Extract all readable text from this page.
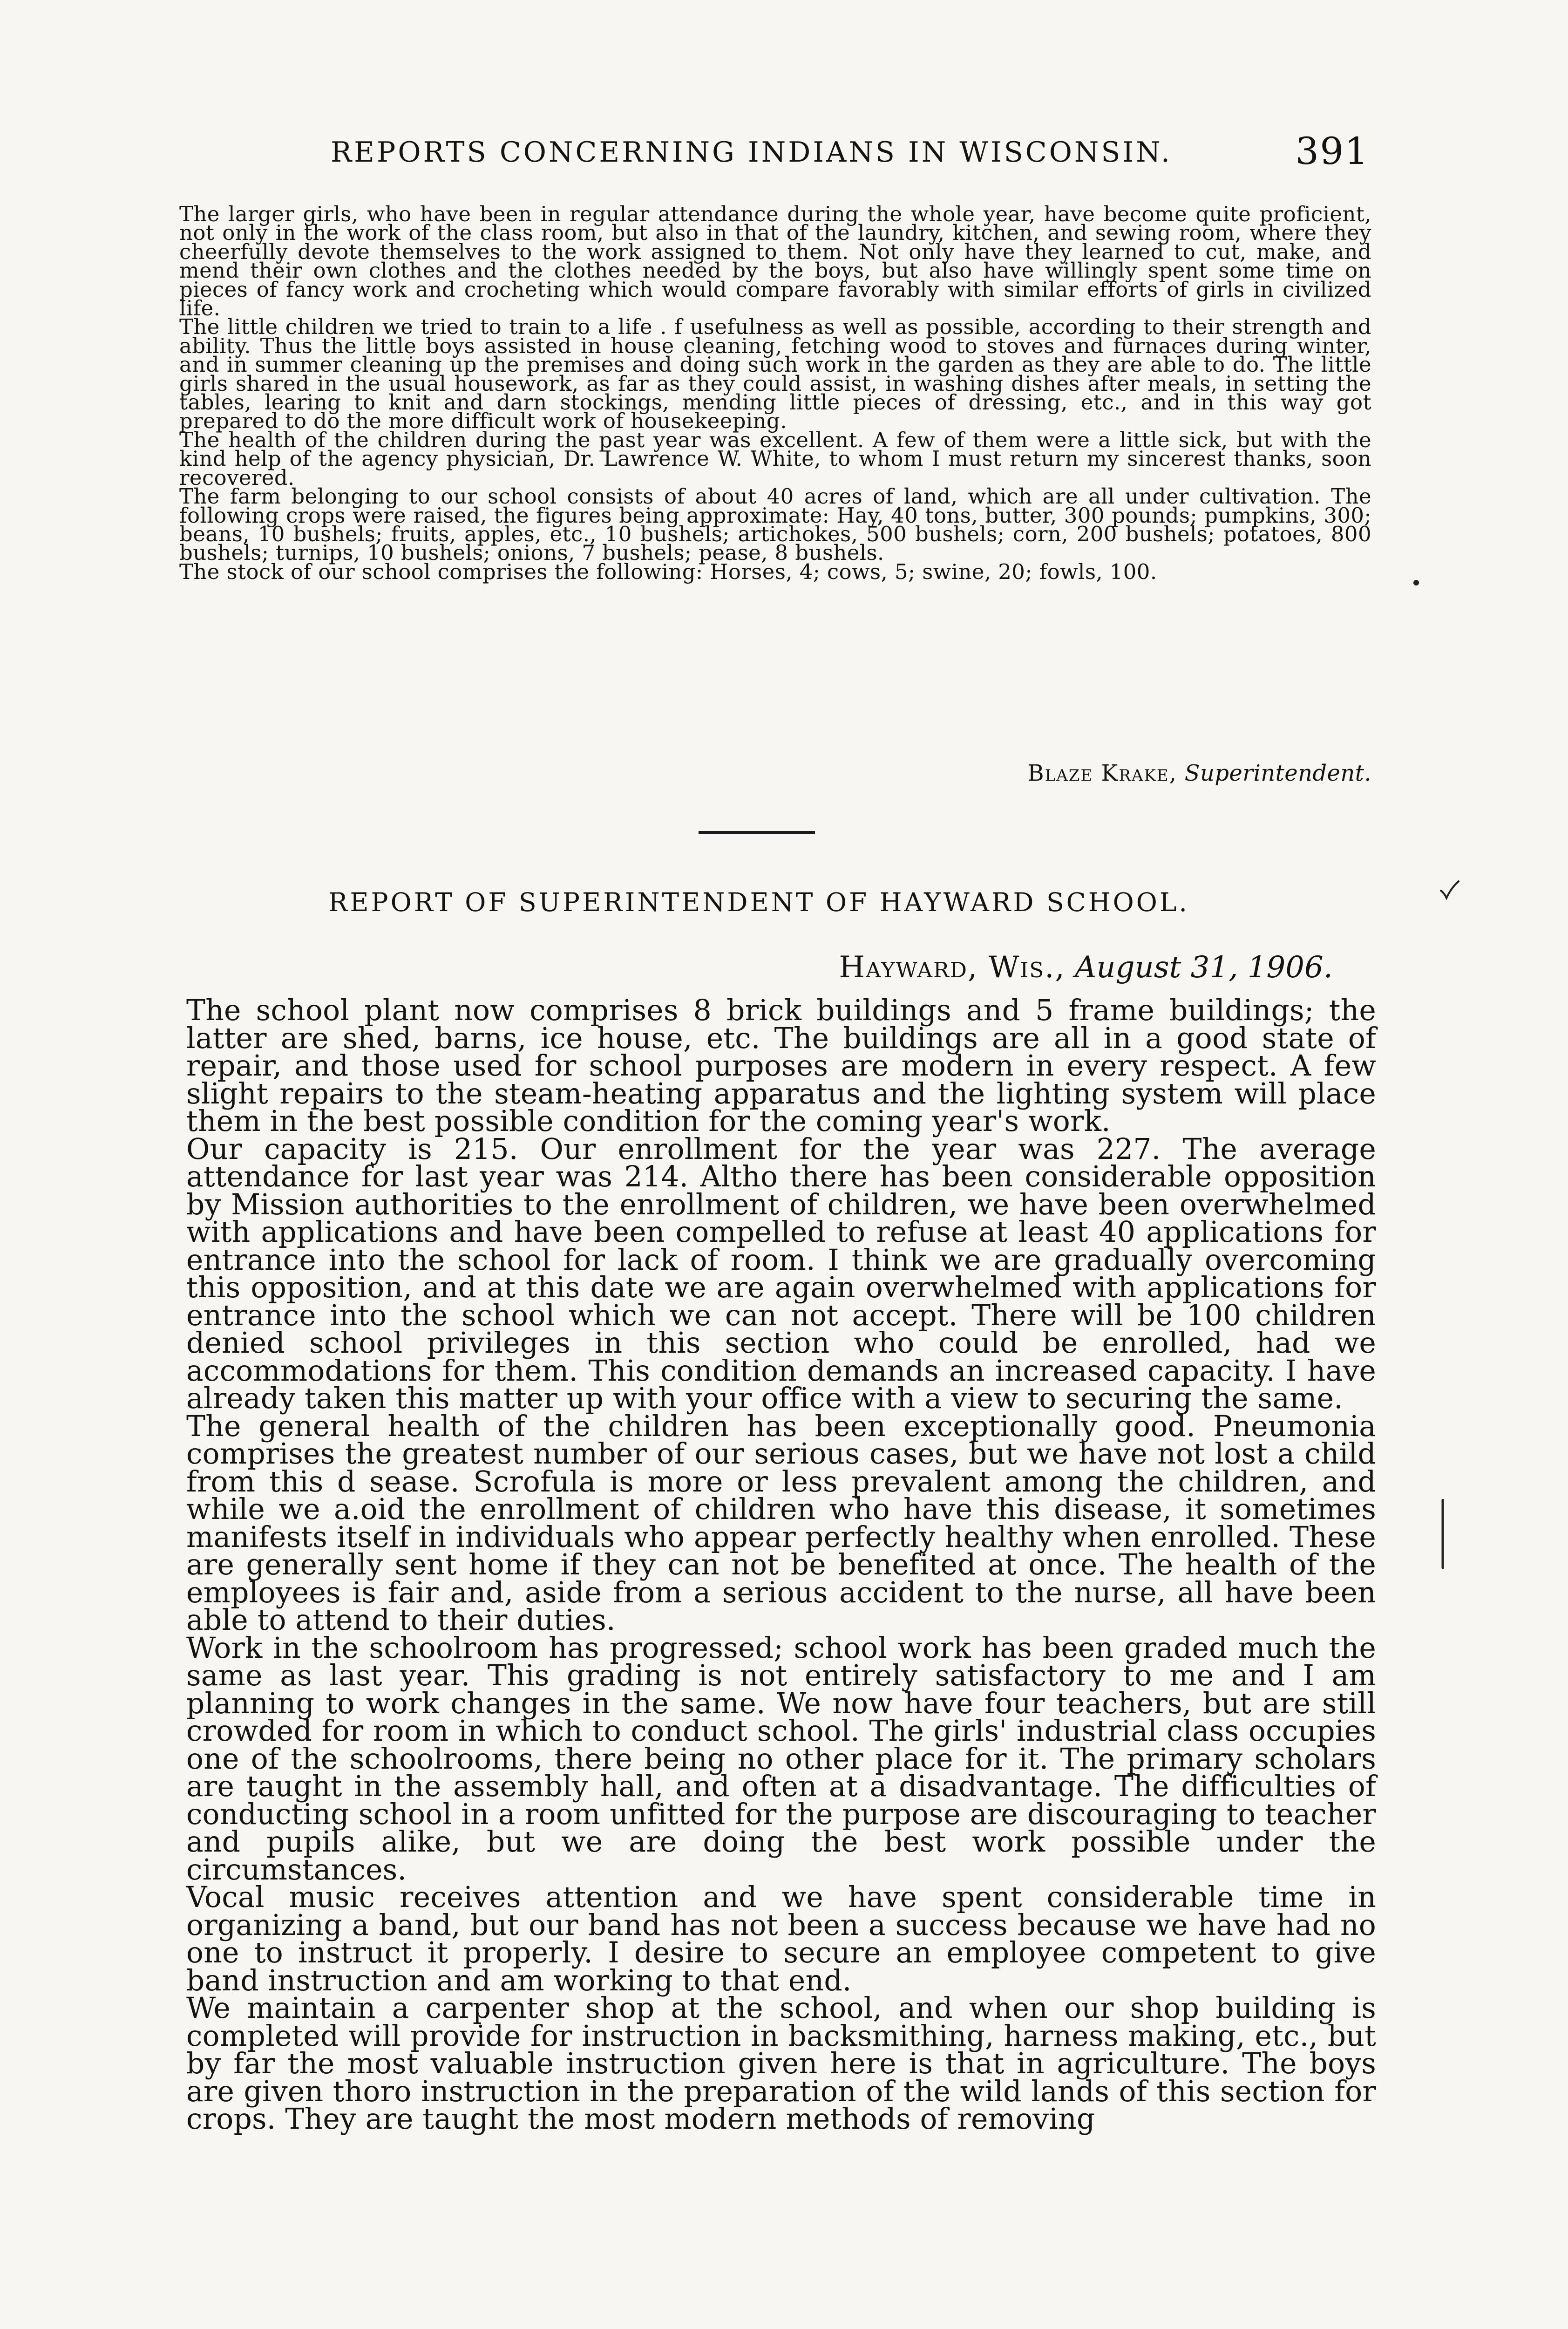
REPORTS CONCERNING INDIANS IN WISCONSIN.	391

The larger girls, who have been in regular attendance during the whole year, have become quite proficient, not only in the work of the class room, but also in that of the laundry, kitchen, and sewing room, where they cheerfully devote themselves to the work assigned to them. Not only have they learned to cut, make, and mend their own clothes and the clothes needed by the boys, but also have willingly spent some time on pieces of fancy work and crocheting which would compare favorably with similar efforts of girls in civilized life.

The little children we tried to train to a life . f usefulness as well as possible, according to their strength and ability. Thus the little boys assisted in house cleaning, fetching wood to stoves and furnaces during winter, and in summer cleaning up the premises and doing such work in the garden as they are able to do. The little girls shared in the usual housework, as far as they could assist, in washing dishes after meals, in setting the tables, learing to knit and darn stockings, mending little pieces of dressing, etc., and in this way got prepared to do the more difficult work of housekeeping.

The health of the children during the past year was excellent. A few of them were a little sick, but with the kind help of the agency physician, Dr. Lawrence W. White, to whom I must return my sincerest thanks, soon recovered.

The farm belonging to our school consists of about 40 acres of land, which are all under cultivation. The following crops were raised, the figures being approximate: Hay, 40 tons, butter, 300 pounds; pumpkins, 300; beans, 10 bushels; fruits, apples, etc., 10 bushels; artichokes, 500 bushels; corn, 200 bushels; potatoes, 800 bushels; turnips, 10 bushels; onions, 7 bushels; pease, 8 bushels.

The stock of our school comprises the following: Horses, 4; cows, 5; swine, 20; fowls, 100.

Blaze Krake, Superintendent.
REPORT OF SUPERINTENDENT OF HAYWARD SCHOOL.
Hayward, Wis., August 31, 1906.

The school plant now comprises 8 brick buildings and 5 frame buildings; the latter are shed, barns, ice house, etc. The buildings are all in a good state of repair, and those used for school purposes are modern in every respect. A few slight repairs to the steam-heating apparatus and the lighting system will place them in the best possible condition for the coming year's work.

Our capacity is 215. Our enrollment for the year was 227. The average attendance for last year was 214. Altho there has been considerable opposition by Mission authorities to the enrollment of children, we have been overwhelmed with applications and have been compelled to refuse at least 40 applications for entrance into the school for lack of room. I think we are gradually overcoming this opposition, and at this date we are again overwhelmed with applications for entrance into the school which we can not accept. There will be 100 children denied school privileges in this section who could be enrolled, had we accommodations for them. This condition demands an increased capacity. I have already taken this matter up with your office with a view to securing the same.

The general health of the children has been exceptionally good. Pneumonia comprises the greatest number of our serious cases, but we have not lost a child from this d sease. Scrofula is more or less prevalent among the children, and while we a.oid the enrollment of children who have this disease, it sometimes manifests itself in individuals who appear perfectly healthy when enrolled. These are generally sent home if they can not be benefited at once. The health of the employees is fair and, aside from a serious accident to the nurse, all have been able to attend to their duties.

Work in the schoolroom has progressed; school work has been graded much the same as last year. This grading is not entirely satisfactory to me and I am planning to work changes in the same. We now have four teachers, but are still crowded for room in which to conduct school. The girls' industrial class occupies one of the schoolrooms, there being no other place for it. The primary scholars are taught in the assembly hall, and often at a disadvantage. The difficulties of conducting school in a room unfitted for the purpose are discouraging to teacher and pupils alike, but we are doing the best work possible under the circumstances.

Vocal music receives attention and we have spent considerable time in organizing a band, but our band has not been a success because we have had no one to instruct it properly. I desire to secure an employee competent to give band instruction and am working to that end.

We maintain a carpenter shop at the school, and when our shop building is completed will provide for instruction in backsmithing, harness making, etc., but by far the most valuable instruction given here is that in agriculture. The boys are given thoro instruction in the preparation of the wild lands of this section for crops. They are taught the most modern methods of removing
